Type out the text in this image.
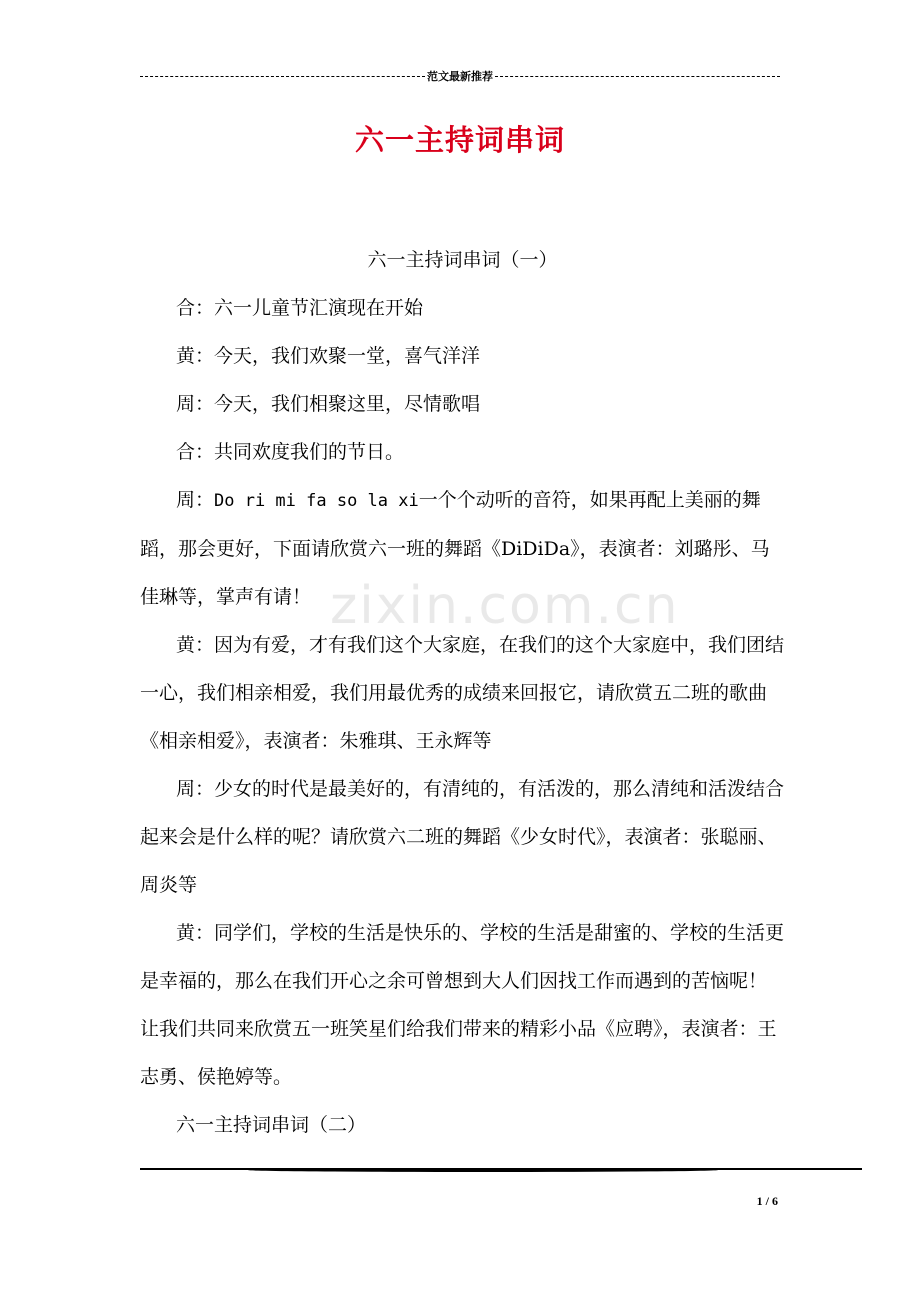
范文最新推荐
六一主持词串词
zixin.com.cn

六一主持词串词（一）

合：六一儿童节汇演现在开始

黄：今天，我们欢聚一堂，喜气洋洋

周：今天，我们相聚这里，尽情歌唱

合：共同欢度我们的节日。

周：Do ri mi fa so la xi一个个动听的音符，如果再配上美丽的舞蹈，那会更好，下面请欣赏六一班的舞蹈《DiDiDa》，表演者：刘璐彤、马佳琳等，掌声有请！

黄：因为有爱，才有我们这个大家庭，在我们的这个大家庭中，我们团结一心，我们相亲相爱，我们用最优秀的成绩来回报它，请欣赏五二班的歌曲《相亲相爱》，表演者：朱雅琪、王永辉等

周：少女的时代是最美好的，有清纯的，有活泼的，那么清纯和活泼结合起来会是什么样的呢？请欣赏六二班的舞蹈《少女时代》，表演者：张聪丽、周炎等

黄：同学们，学校的生活是快乐的、学校的生活是甜蜜的、学校的生活更是幸福的，那么在我们开心之余可曾想到大人们因找工作而遇到的苦恼呢！让我们共同来欣赏五一班笑星们给我们带来的精彩小品《应聘》，表演者：王志勇、侯艳婷等。

六一主持词串词（二）

1 / 6
